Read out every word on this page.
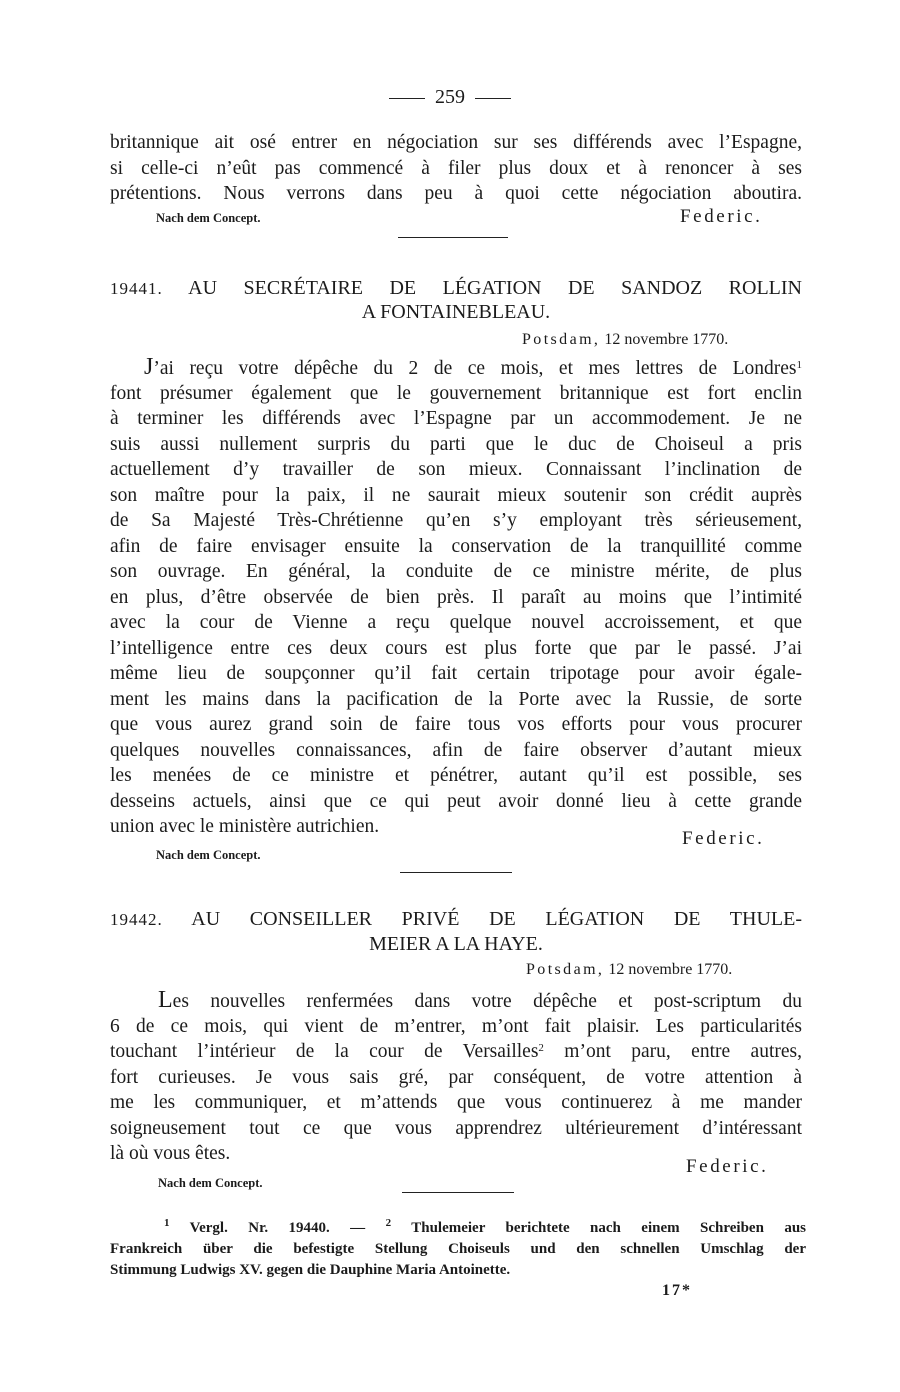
259
britannique ait osé entrer en négociation sur ses différends avec l’Espagne,
si celle-ci n’eût pas commencé à filer plus doux et à renoncer à ses
prétentions. Nous verrons dans peu à quoi cette négociation aboutira.
Nach dem Concept.	Federic.
19441. AU SECRÉTAIRE DE LÉGATION DE SANDOZ ROLLIN
A FONTAINEBLEAU.
Potsdam, 12 novembre 1770.
J’ai reçu votre dépêche du 2 de ce mois, et mes lettres de Londres$^1$
font présumer également que le gouvernement britannique est fort enclin
à terminer les différends avec l’Espagne par un accommodement. Je ne
suis aussi nullement surpris du parti que le duc de Choiseul a pris
actuellement d’y travailler de son mieux. Connaissant l’inclination de
son maître pour la paix, il ne saurait mieux soutenir son crédit auprès
de Sa Majesté Très-Chrétienne qu’en s’y employant très sérieusement,
afin de faire envisager ensuite la conservation de la tranquillité comme
son ouvrage. En général, la conduite de ce ministre mérite, de plus
en plus, d’être observée de bien près. Il paraît au moins que l’intimité
avec la cour de Vienne a reçu quelque nouvel accroissement, et que
l’intelligence entre ces deux cours est plus forte que par le passé. J’ai
même lieu de soupçonner qu’il fait certain tripotage pour avoir égale-
ment les mains dans la pacification de la Porte avec la Russie, de sorte
que vous aurez grand soin de faire tous vos efforts pour vous procurer
quelques nouvelles connaissances, afin de faire observer d’autant mieux
les menées de ce ministre et pénétrer, autant qu’il est possible, ses
desseins actuels, ainsi que ce qui peut avoir donné lieu à cette grande
union avec le ministère autrichien.
Federic.
Nach dem Concept.
19442. AU CONSEILLER PRIVÉ DE LÉGATION DE THULE-
MEIER A LA HAYE.
Potsdam, 12 novembre 1770.
Les nouvelles renfermées dans votre dépêche et post-scriptum du
6 de ce mois, qui vient de m’entrer, m’ont fait plaisir. Les particularités
touchant l’intérieur de la cour de Versailles$^2$ m’ont paru, entre autres,
fort curieuses. Je vous sais gré, par conséquent, de votre attention à
me les communiquer, et m’attends que vous continuerez à me mander
soigneusement tout ce que vous apprendrez ultérieurement d’intéressant
là où vous êtes.
Federic.
Nach dem Concept.
$^1$ Vergl. Nr. 19440. — $^2$ Thulemeier berichtete nach einem Schreiben aus
Frankreich über die befestigte Stellung Choiseuls und den schnellen Umschlag der
Stimmung Ludwigs XV. gegen die Dauphine Maria Antoinette.
17*
